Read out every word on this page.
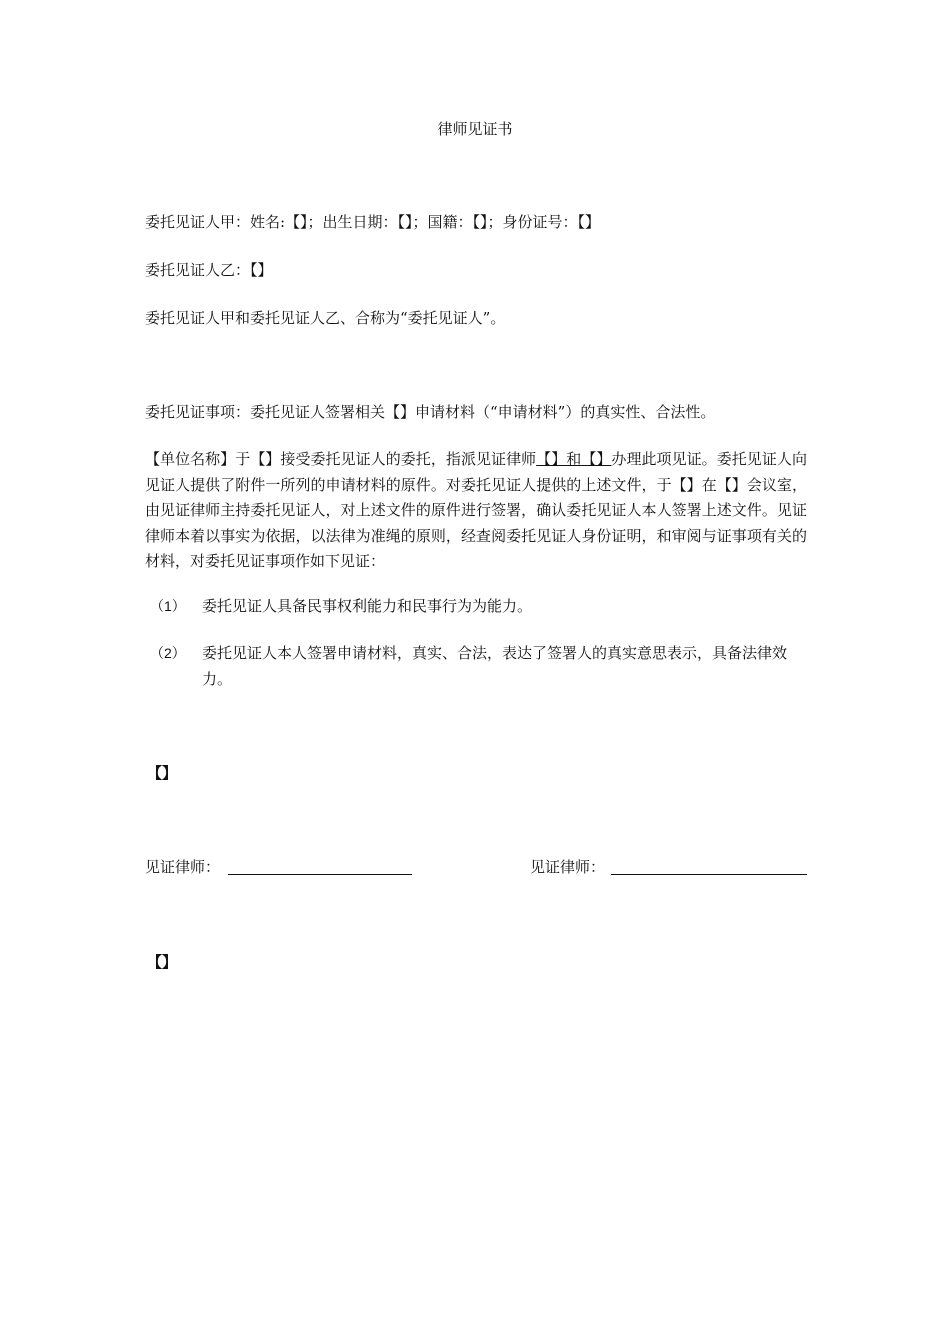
律师见证书
委托见证人甲：姓名:【】；出生日期：【】；国籍：【】；身份证号：【】
委托见证人乙：【】
委托见证人甲和委托见证人乙、合称为“委托见证人”。
委托见证事项：委托见证人签署相关【】申请材料（“申请材料”）的真实性、合法性。
【单位名称】于【】接受委托见证人的委托，指派见证律师【】和【】办理此项见证。委托见证人向见证人提供了附件一所列的申请材料的原件。对委托见证人提供的上述文件，于【】在【】会议室，由见证律师主持委托见证人，对上述文件的原件进行签署，确认委托见证人本人签署上述文件。见证律师本着以事实为依据，以法律为准绳的原则，经查阅委托见证人身份证明，和审阅与证事项有关的材料，对委托见证事项作如下见证：
（1） 委托见证人具备民事权利能力和民事行为为能力。
（2） 委托见证人本人签署申请材料，真实、合法，表达了签署人的真实意思表示，具备法律效力。
【】
见证律师：	见证律师：
【】
